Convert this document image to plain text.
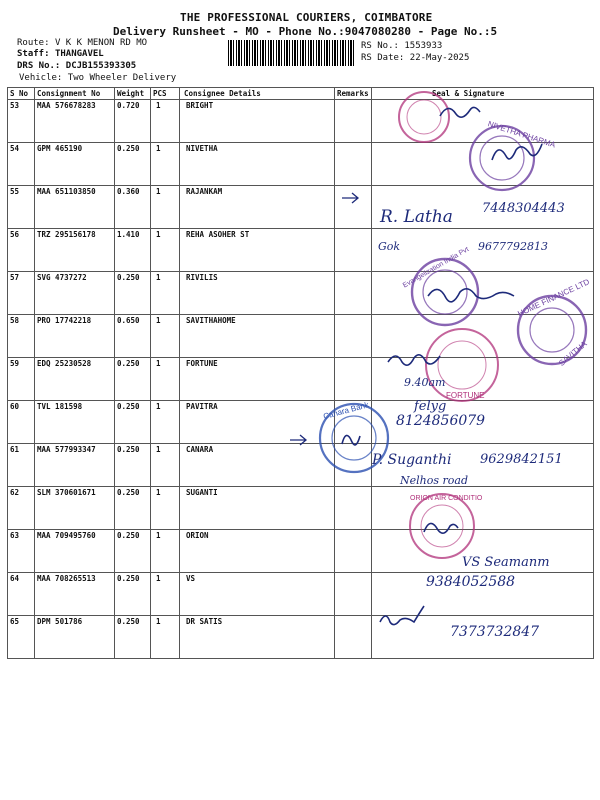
THE PROFESSIONAL COURIERS, COIMBATORE
Delivery Runsheet - MO - Phone No.:9047080280 - Page No.:5
Route: V K K MENON RD MO
Staff: THANGAVEL
DRS No.: DCJB155393305
Vehicle: Two Wheeler Delivery
RS No.: 1553933
RS Date: 22-May-2025
S No	Consignment No	Weight	PCS	Consignee Details	Remarks	Seal & Signature
53	MAA 576678283	0.720	1	BRIGHT		
54	GPM 465190	0.250	1	NIVETHA		
55	MAA 651103850	0.360	1	RAJANKAM		
56	TRZ 295156178	1.410	1	REHA ASOHER ST		
57	SVG 4737272	0.250	1	RIVILIS		
58	PRO 17742218	0.650	1	SAVITHAHOME		
59	EDQ 25230528	0.250	1	FORTUNE		
60	TVL 181598	0.250	1	PAVITRA		
61	MAA 577993347	0.250	1	CANARA		
62	SLM 370601671	0.250	1	SUGANTI		
63	MAA 709495760	0.250	1	ORION		
64	MAA 708265513	0.250	1	VS		
65	DPM 501786	0.250	1	DR SATIS		
NIVETHA PHARMA
R. Latha 7448304443
Gok	9677792813
Evangelization India Pvt
HOME FINANCE LTD
SAVITHA
FORTUNE
9.40am
felyg
8124856079
Canara Bank
P. Suganthi 9629842151
Nelhos road
ORION AIR CONDITIO
VS Seamanm
9384052588
7373732847
